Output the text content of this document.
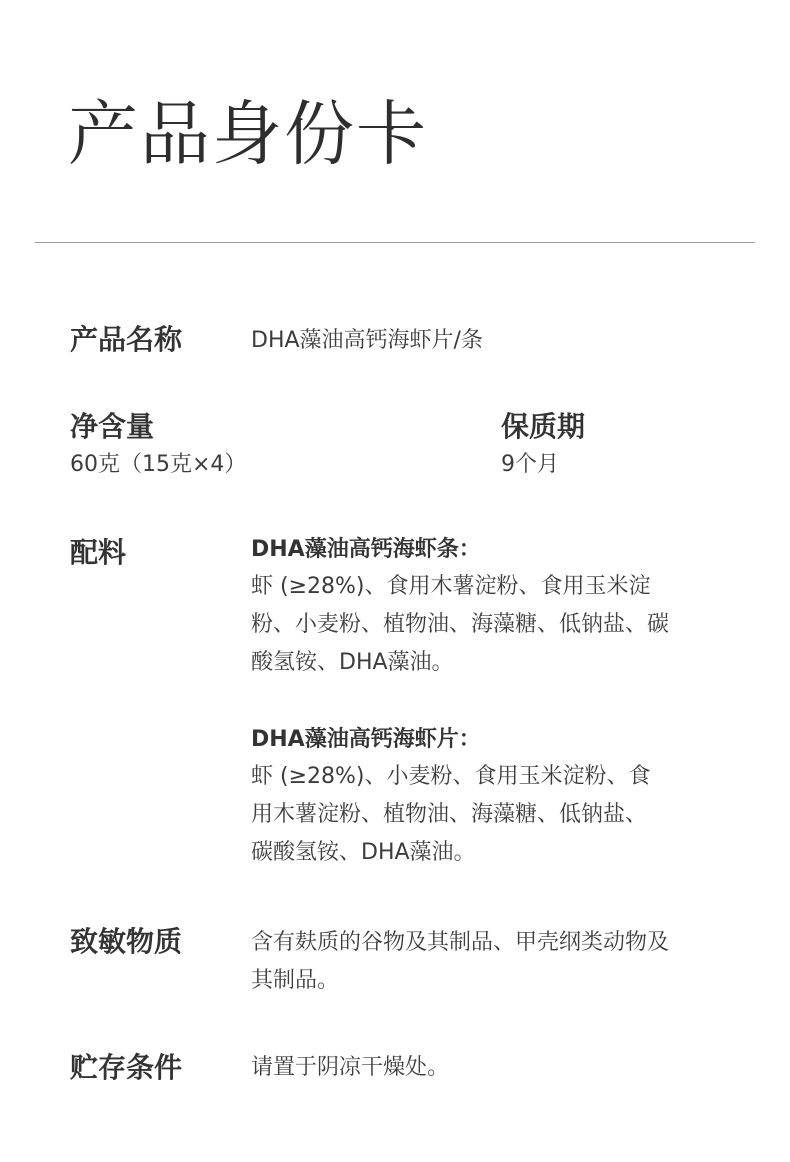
产品身份卡
产品名称	DHA藻油高钙海虾片/条
净含量
60克（15克×4）
保质期
9个月
配料	DHA藻油高钙海虾条：
虾 (≥28%)、食用木薯淀粉、食用玉米淀
粉、小麦粉、植物油、海藻糖、低钠盐、碳
酸氢铵、DHA藻油。
DHA藻油高钙海虾片：
虾 (≥28%)、小麦粉、食用玉米淀粉、食
用木薯淀粉、植物油、海藻糖、低钠盐、
碳酸氢铵、DHA藻油。
致敏物质	含有麸质的谷物及其制品、甲壳纲类动物及
其制品。
贮存条件	请置于阴凉干燥处。
